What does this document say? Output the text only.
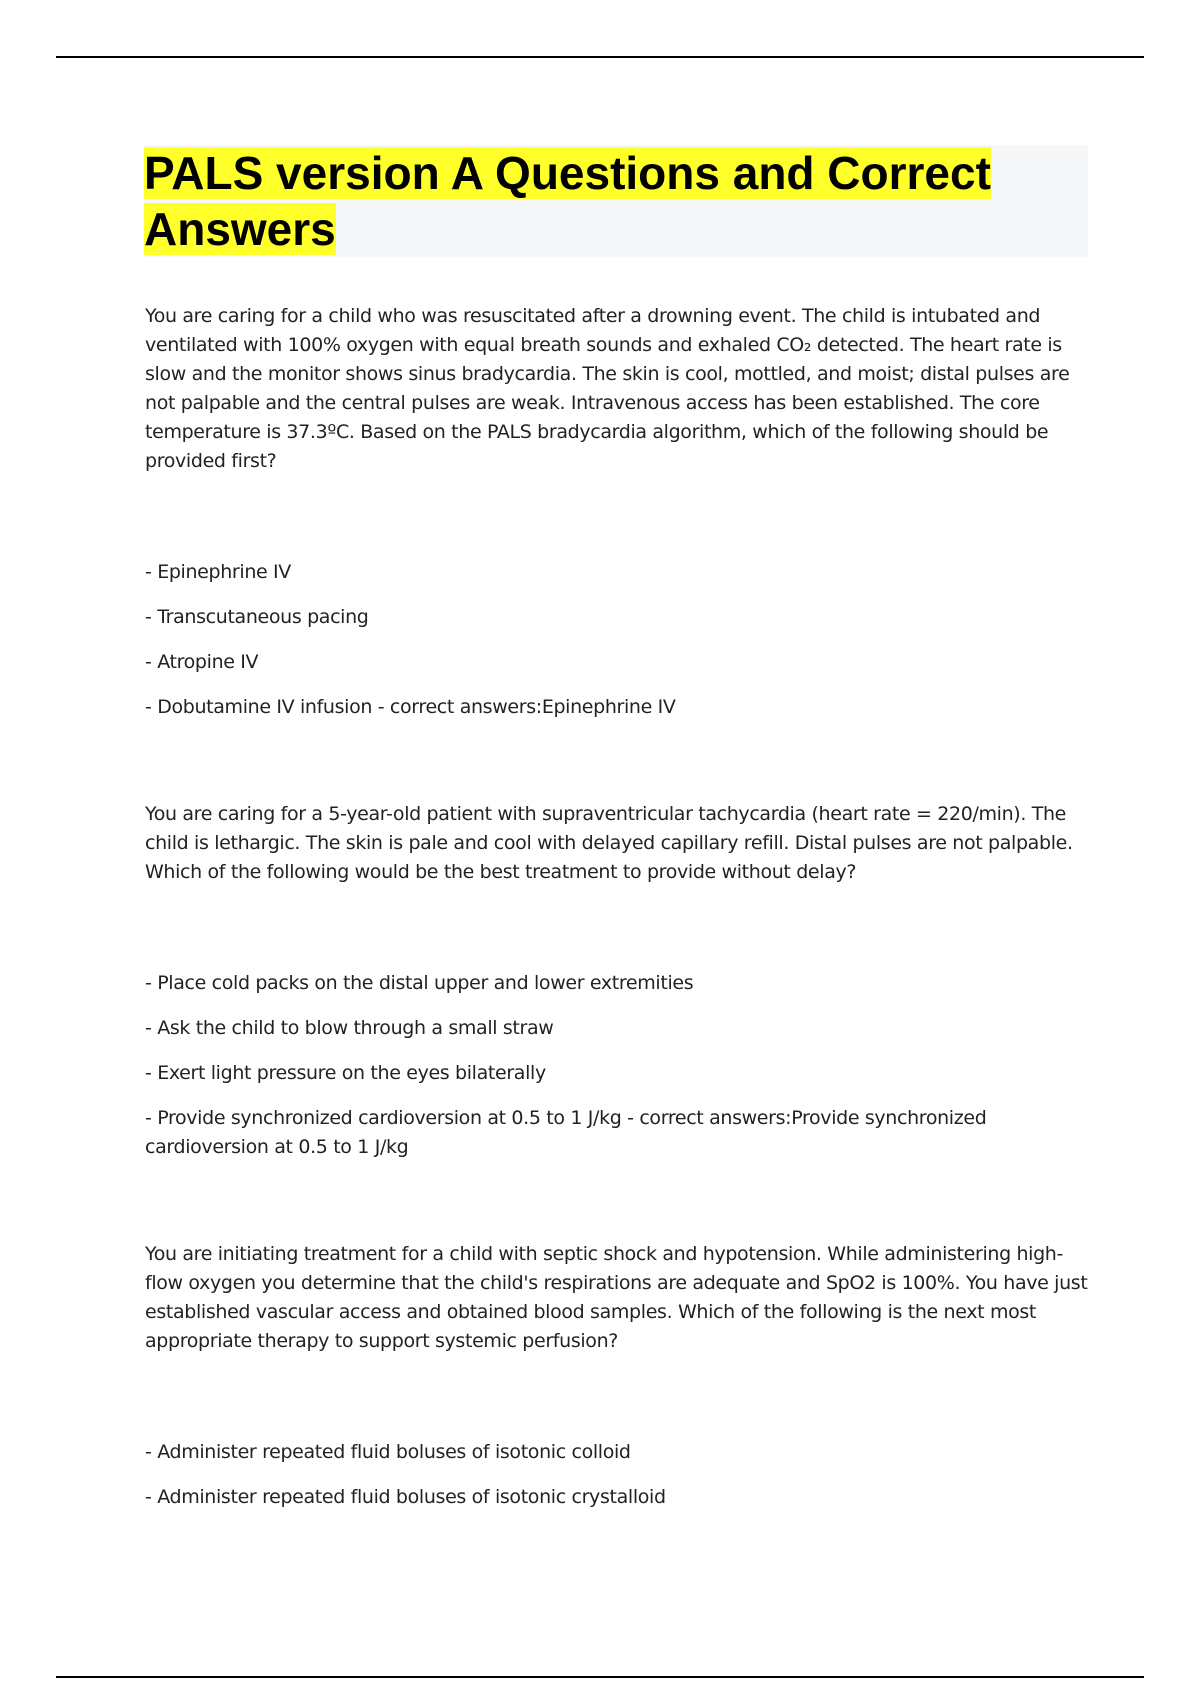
PALS version A Questions and Correct
Answers

You are caring for a child who was resuscitated after a drowning event. The child is intubated and ventilated with 100% oxygen with equal breath sounds and exhaled CO₂ detected. The heart rate is slow and the monitor shows sinus bradycardia. The skin is cool, mottled, and moist; distal pulses are not palpable and the central pulses are weak. Intravenous access has been established. The core temperature is 37.3ºC. Based on the PALS bradycardia algorithm, which of the following should be provided first?

- Epinephrine IV
- Transcutaneous pacing
- Atropine IV
- Dobutamine IV infusion - correct answers:Epinephrine IV

You are caring for a 5-year-old patient with supraventricular tachycardia (heart rate = 220/min). The child is lethargic. The skin is pale and cool with delayed capillary refill. Distal pulses are not palpable. Which of the following would be the best treatment to provide without delay?

- Place cold packs on the distal upper and lower extremities
- Ask the child to blow through a small straw
- Exert light pressure on the eyes bilaterally
- Provide synchronized cardioversion at 0.5 to 1 J/kg - correct answers:Provide synchronized cardioversion at 0.5 to 1 J/kg

You are initiating treatment for a child with septic shock and hypotension. While administering high-flow oxygen you determine that the child's respirations are adequate and SpO2 is 100%. You have just established vascular access and obtained blood samples. Which of the following is the next most appropriate therapy to support systemic perfusion?

- Administer repeated fluid boluses of isotonic colloid
- Administer repeated fluid boluses of isotonic crystalloid
